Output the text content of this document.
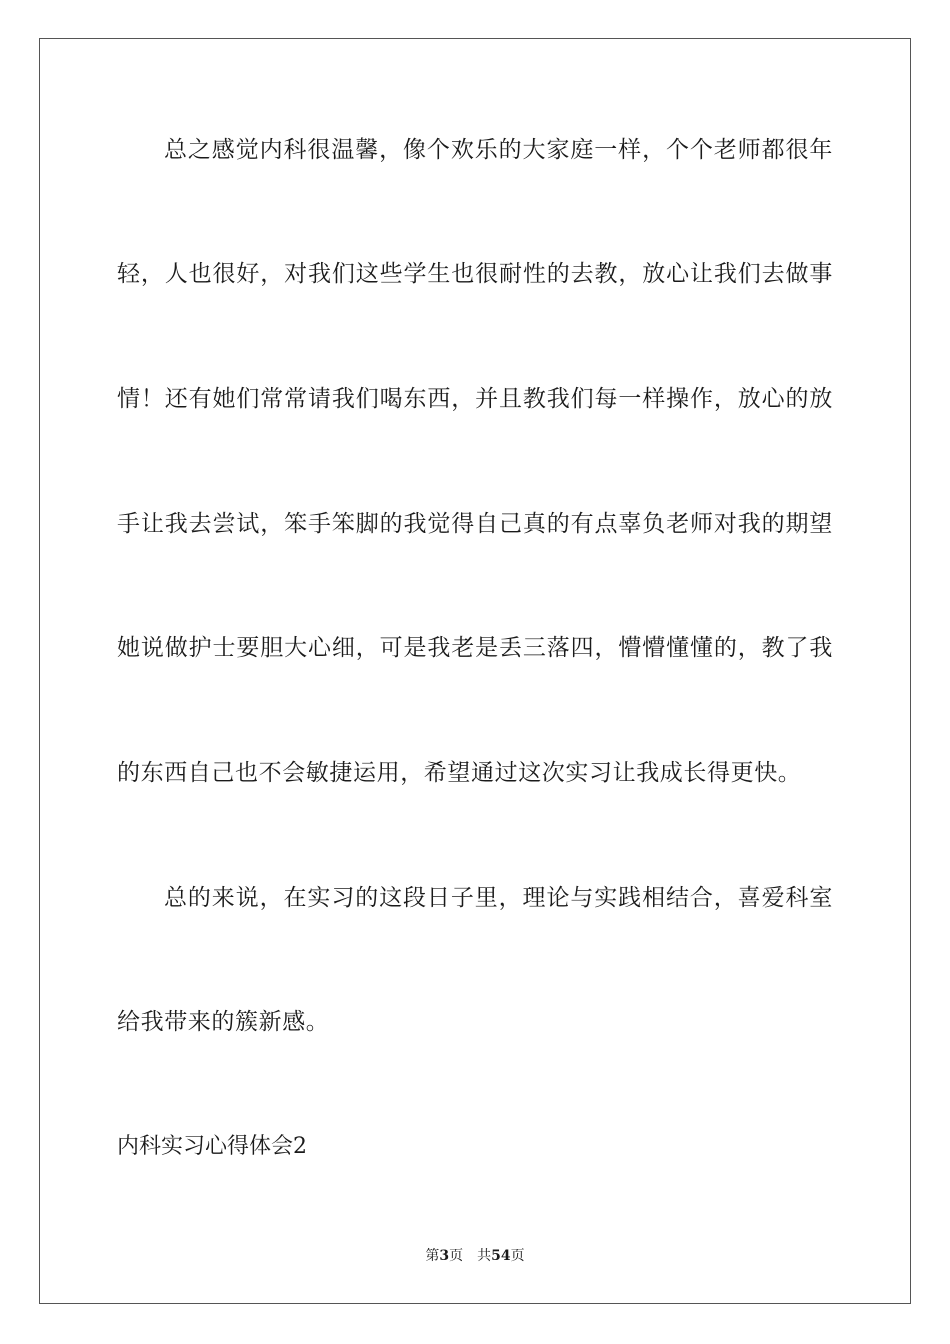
总之感觉内科很温馨，像个欢乐的大家庭一样，个个老师都很年
轻，人也很好，对我们这些学生也很耐性的去教，放心让我们去做事
情！还有她们常常请我们喝东西，并且教我们每一样操作，放心的放
手让我去尝试，笨手笨脚的我觉得自己真的有点辜负老师对我的期望
她说做护士要胆大心细，可是我老是丢三落四，懵懵懂懂的，教了我
的东西自己也不会敏捷运用，希望通过这次实习让我成长得更快。
总的来说，在实习的这段日子里，理论与实践相结合，喜爱科室
给我带来的簇新感。
内科实习心得体会2
第3页 共54页
